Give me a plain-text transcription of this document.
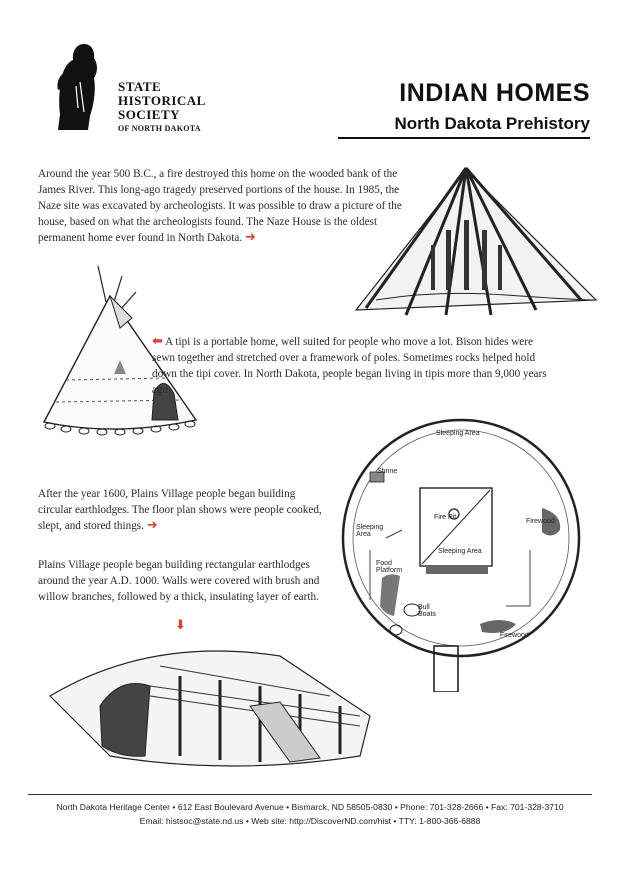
STATE
HISTORICAL
SOCIETY
OF NORTH DAKOTA
INDIAN HOMES
North Dakota Prehistory
Around the year 500 B.C., a fire destroyed this home on the wooded bank of the James River. This long-ago tragedy preserved portions of the house. In 1985, the Naze site was excavated by archeologists. It was possible to draw a picture of the house, based on what the archeologists found. The Naze House is the oldest permanent home ever found in North Dakota. ➜
⬅ A tipi is a portable home, well suited for people who move a lot. Bison hides were sewn together and stretched over a framework of poles. Sometimes rocks helped hold down the tipi cover. In North Dakota, people began living in tipis more than 9,000 years ago.
Sleeping Area
Shrine
Fire Pit
Firewood
Sleeping Area
Sleeping Area
Food Platform
Bull Boats
Firewood
After the year 1600, Plains Village people began building circular earthlodges. The floor plan shows were people cooked, slept, and stored things. ➜
Plains Village people began building rectangular earthlodges around the year A.D. 1000. Walls were covered with brush and willow branches, followed by a thick, insulating layer of earth.
⬇
North Dakota Heritage Center • 612 East Boulevard Avenue • Bismarck, ND 58505-0830 • Phone: 701-328-2666 • Fax: 701-328-3710
Email: histsoc@state.nd.us • Web site: http://DiscoverND.com/hist • TTY: 1-800-366-6888
